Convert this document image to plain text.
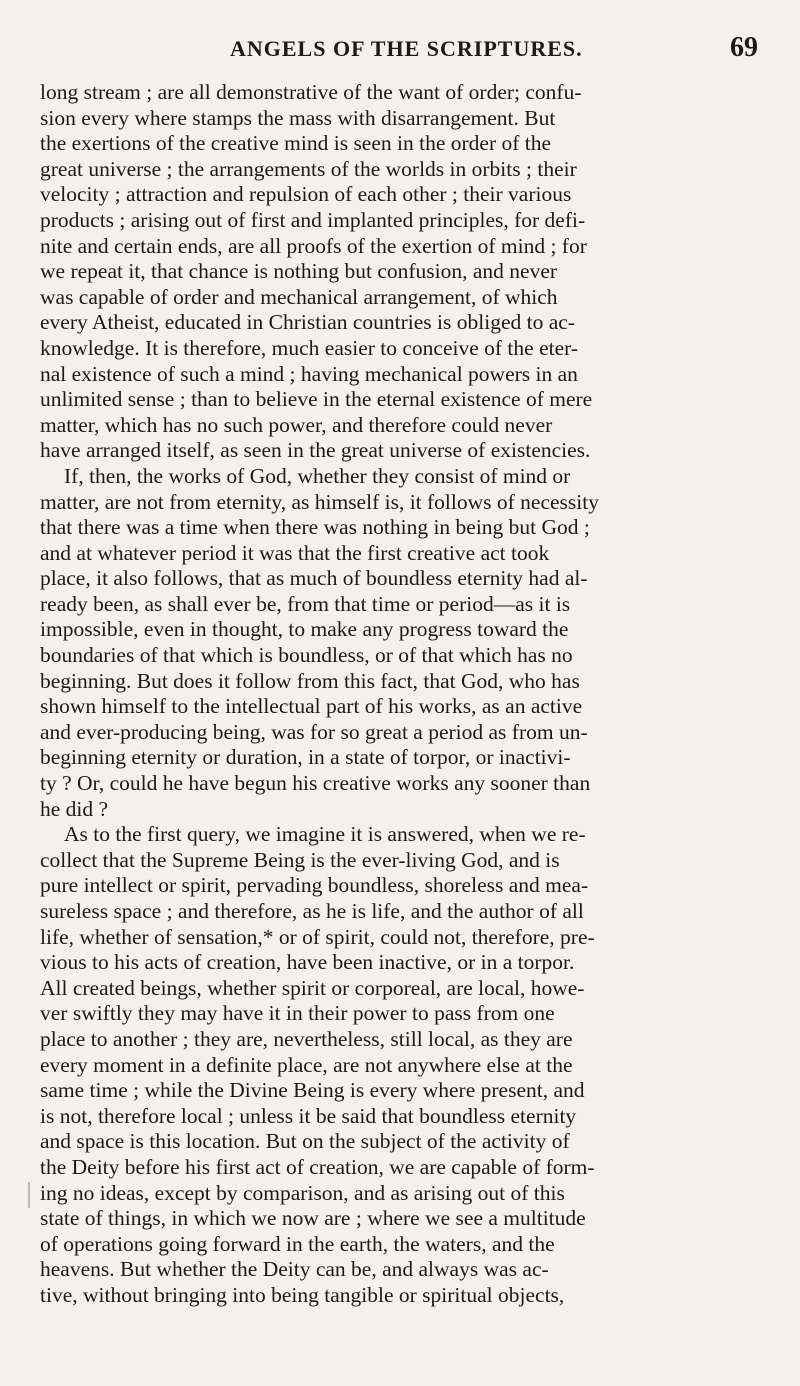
ANGELS OF THE SCRIPTURES.	69
long stream ; are all demonstrative of the want of order; confu-
sion every where stamps the mass with disarrangement. But
the exertions of the creative mind is seen in the order of the
great universe ; the arrangements of the worlds in orbits ; their
velocity ; attraction and repulsion of each other ; their various
products ; arising out of first and implanted principles, for defi-
nite and certain ends, are all proofs of the exertion of mind ; for
we repeat it, that chance is nothing but confusion, and never
was capable of order and mechanical arrangement, of which
every Atheist, educated in Christian countries is obliged to ac-
knowledge. It is therefore, much easier to conceive of the eter-
nal existence of such a mind ; having mechanical powers in an
unlimited sense ; than to believe in the eternal existence of mere
matter, which has no such power, and therefore could never
have arranged itself, as seen in the great universe of existencies.
If, then, the works of God, whether they consist of mind or
matter, are not from eternity, as himself is, it follows of necessity
that there was a time when there was nothing in being but God ;
and at whatever period it was that the first creative act took
place, it also follows, that as much of boundless eternity had al-
ready been, as shall ever be, from that time or period—as it is
impossible, even in thought, to make any progress toward the
boundaries of that which is boundless, or of that which has no
beginning. But does it follow from this fact, that God, who has
shown himself to the intellectual part of his works, as an active
and ever-producing being, was for so great a period as from un-
beginning eternity or duration, in a state of torpor, or inactivi-
ty ? Or, could he have begun his creative works any sooner than
he did ?
As to the first query, we imagine it is answered, when we re-
collect that the Supreme Being is the ever-living God, and is
pure intellect or spirit, pervading boundless, shoreless and mea-
sureless space ; and therefore, as he is life, and the author of all
life, whether of sensation,* or of spirit, could not, therefore, pre-
vious to his acts of creation, have been inactive, or in a torpor.
All created beings, whether spirit or corporeal, are local, howe-
ver swiftly they may have it in their power to pass from one
place to another ; they are, nevertheless, still local, as they are
every moment in a definite place, are not anywhere else at the
same time ; while the Divine Being is every where present, and
is not, therefore local ; unless it be said that boundless eternity
and space is this location. But on the subject of the activity of
the Deity before his first act of creation, we are capable of form-
ing no ideas, except by comparison, and as arising out of this
state of things, in which we now are ; where we see a multitude
of operations going forward in the earth, the waters, and the
heavens. But whether the Deity can be, and always was ac-
tive, without bringing into being tangible or spiritual objects,
